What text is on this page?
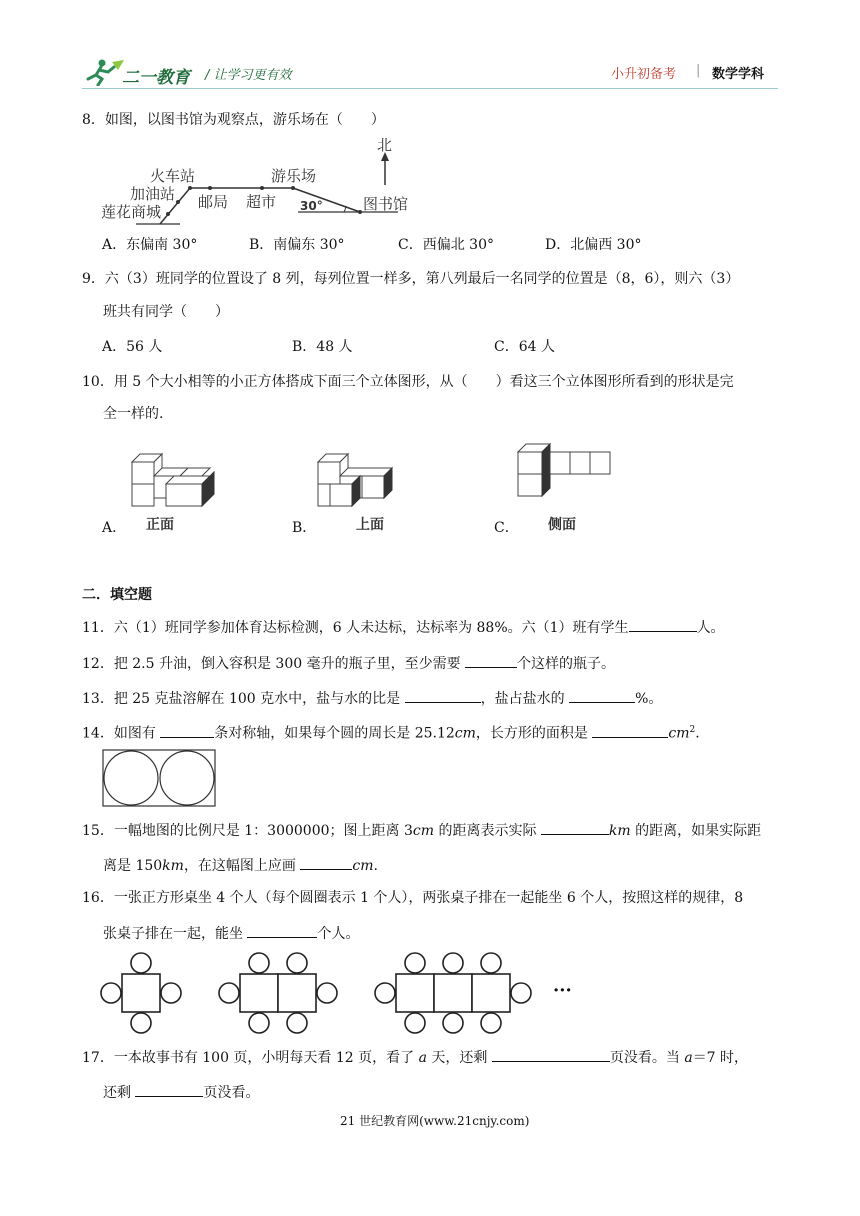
二一教育 / 让学习更有效	小升初备考 | 数学学科
8．如图，以图书馆为观察点，游乐场在（　　）
北
火车站	游乐场
加油站 邮局 超市 30°	图书馆
莲花商城
A．东偏南 30°	B．南偏东 30°	C．西偏北 30°	D．北偏西 30°
9．六（3）班同学的位置设了 8 列，每列位置一样多，第八列最后一名同学的位置是（8，6），则六（3）
班共有同学（　　）
A．56 人	B．48 人	C．64 人
10．用 5 个大小相等的小正方体搭成下面三个立体图形，从（　　）看这三个立体图形所看到的形状是完
全一样的.
A． 正面	B．	上面	C． 侧面
二．填空题
11．六（1）班同学参加体育达标检测，6 人未达标，达标率为 88%。六（1）班有学生	人。
12．把 2.5 升油，倒入容积是 300 毫升的瓶子里，至少需要	个这样的瓶子。
13．把 25 克盐溶解在 100 克水中，盐与水的比是	，盐占盐水的	%。
14．如图有	条对称轴，如果每个圆的周长是 25.12cm，长方形的面积是	$cm^2$.
15．一幅地图的比例尺是 1：3000000；图上距离 3cm 的距离表示实际	km 的距离，如果实际距
离是 150km，在这幅图上应画	cm.
16．一张正方形桌坐 4 个人（每个圆圈表示 1 个人），两张桌子排在一起能坐 6 个人，按照这样的规律，8
张桌子排在一起，能坐	个人。
···
17．一本故事书有 100 页，小明每天看 12 页，看了 a 天，还剩	页没看。当 a＝7 时，
还剩	页没看。
21 世纪教育网(www.21cnjy.com)
